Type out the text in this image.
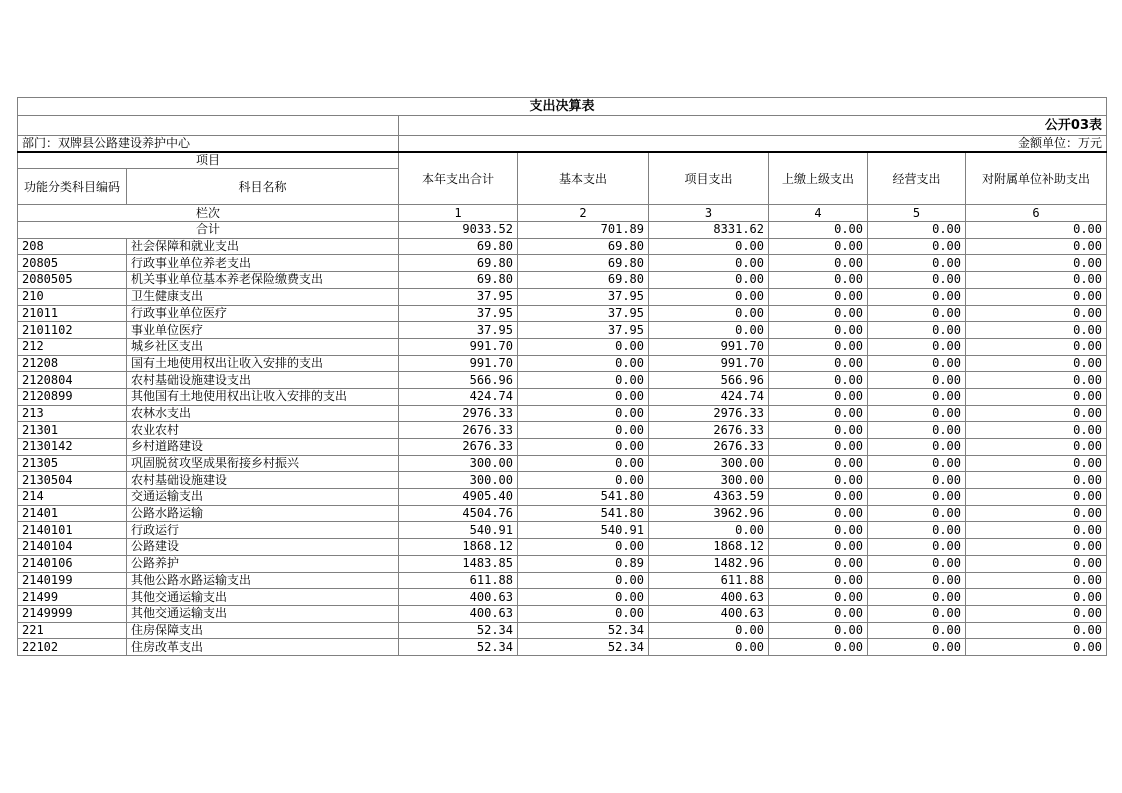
支出决算表							
		公开03表					
部门：双牌县公路建设养护中心		金额单位：万元					
项目		本年支出合计	基本支出	项目支出	上缴上级支出	经营支出	对附属单位补助支出
功能分类科目编码	科目名称						
栏次		1	2	3	4	5	6
合计		9033.52	701.89	8331.62	0.00	0.00	0.00
208	社会保障和就业支出	69.80	69.80	0.00	0.00	0.00	0.00
20805	行政事业单位养老支出	69.80	69.80	0.00	0.00	0.00	0.00
2080505	机关事业单位基本养老保险缴费支出	69.80	69.80	0.00	0.00	0.00	0.00
210	卫生健康支出	37.95	37.95	0.00	0.00	0.00	0.00
21011	行政事业单位医疗	37.95	37.95	0.00	0.00	0.00	0.00
2101102	事业单位医疗	37.95	37.95	0.00	0.00	0.00	0.00
212	城乡社区支出	991.70	0.00	991.70	0.00	0.00	0.00
21208	国有土地使用权出让收入安排的支出	991.70	0.00	991.70	0.00	0.00	0.00
2120804	农村基础设施建设支出	566.96	0.00	566.96	0.00	0.00	0.00
2120899	其他国有土地使用权出让收入安排的支出	424.74	0.00	424.74	0.00	0.00	0.00
213	农林水支出	2976.33	0.00	2976.33	0.00	0.00	0.00
21301	农业农村	2676.33	0.00	2676.33	0.00	0.00	0.00
2130142	乡村道路建设	2676.33	0.00	2676.33	0.00	0.00	0.00
21305	巩固脱贫攻坚成果衔接乡村振兴	300.00	0.00	300.00	0.00	0.00	0.00
2130504	农村基础设施建设	300.00	0.00	300.00	0.00	0.00	0.00
214	交通运输支出	4905.40	541.80	4363.59	0.00	0.00	0.00
21401	公路水路运输	4504.76	541.80	3962.96	0.00	0.00	0.00
2140101	行政运行	540.91	540.91	0.00	0.00	0.00	0.00
2140104	公路建设	1868.12	0.00	1868.12	0.00	0.00	0.00
2140106	公路养护	1483.85	0.89	1482.96	0.00	0.00	0.00
2140199	其他公路水路运输支出	611.88	0.00	611.88	0.00	0.00	0.00
21499	其他交通运输支出	400.63	0.00	400.63	0.00	0.00	0.00
2149999	其他交通运输支出	400.63	0.00	400.63	0.00	0.00	0.00
221	住房保障支出	52.34	52.34	0.00	0.00	0.00	0.00
22102	住房改革支出	52.34	52.34	0.00	0.00	0.00	0.00
